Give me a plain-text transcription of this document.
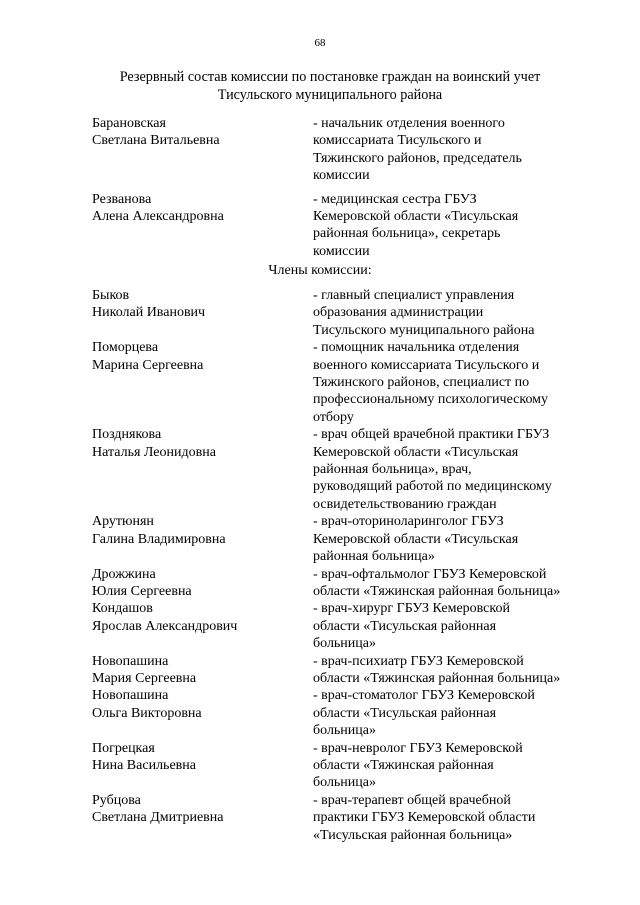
68
Резервный состав комиссии по постановке граждан на воинский учет
Тисульского муниципального района
Барановская
Светлана Витальевна
- начальник отделения военного
комиссариата Тисульского и
Тяжинского районов, председатель
комиссии
Резванова
Алена Александровна
- медицинская сестра ГБУЗ
Кемеровской области «Тисульская
районная больница», секретарь
комиссии
Члены комиссии:
Быков
Николай Иванович
- главный специалист управления
образования администрации
Тисульского муниципального района
Поморцева
Марина Сергеевна
- помощник начальника отделения
военного комиссариата Тисульского и
Тяжинского районов, специалист по
профессиональному психологическому
отбору
Позднякова
Наталья Леонидовна
- врач общей врачебной практики ГБУЗ
Кемеровской области «Тисульская
районная больница», врач,
руководящий работой по медицинскому
освидетельствованию граждан
Арутюнян
Галина Владимировна
- врач-оториноларинголог ГБУЗ
Кемеровской области «Тисульская
районная больница»
Дрожжина
Юлия Сергеевна
- врач-офтальмолог ГБУЗ Кемеровской
области «Тяжинская районная больница»
Кондашов
Ярослав Александрович
- врач-хирург ГБУЗ Кемеровской
области «Тисульская районная
больница»
Новопашина
Мария Сергеевна
- врач-психиатр ГБУЗ Кемеровской
области «Тяжинская районная больница»
Новопашина
Ольга Викторовна
- врач-стоматолог ГБУЗ Кемеровской
области «Тисульская районная
больница»
Погрецкая
Нина Васильевна
- врач-невролог ГБУЗ Кемеровской
области «Тяжинская районная
больница»
Рубцова
Светлана Дмитриевна
- врач-терапевт общей врачебной
практики ГБУЗ Кемеровской области
«Тисульская районная больница»
